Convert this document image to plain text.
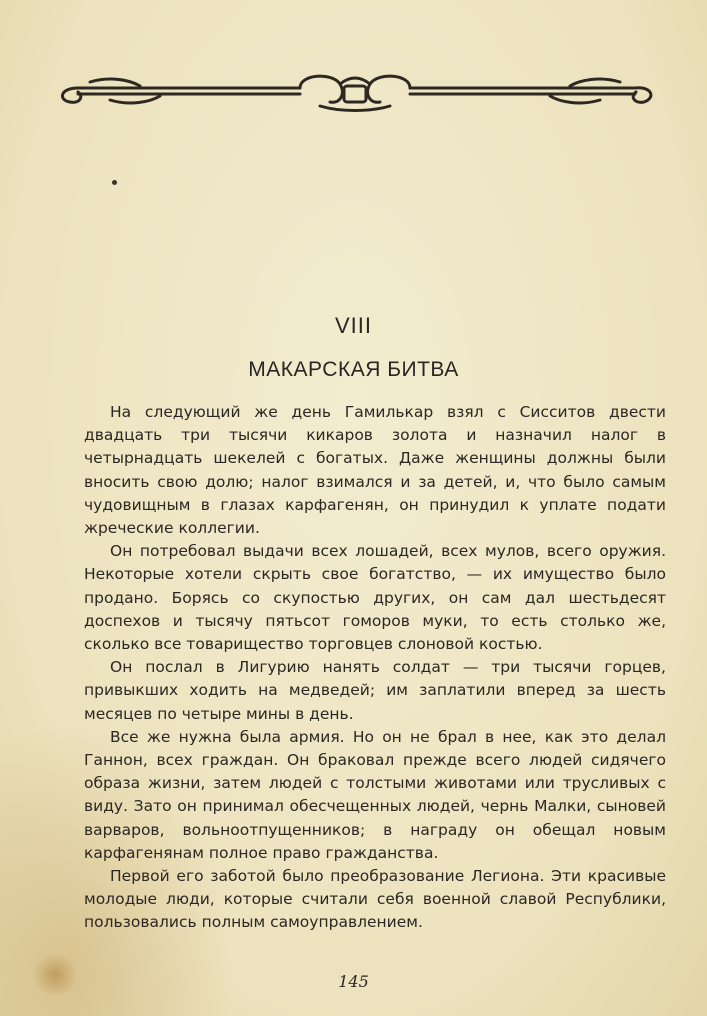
VIII
МАКАРСКАЯ БИТВА

На следующий же день Гамилькар взял с Сисситов двести двадцать три тысячи кикаров золота и назначил налог в четырнадцать шекелей с богатых. Даже женщины должны были вносить свою долю; налог взимался и за детей, и, что было самым чудовищным в глазах карфагенян, он принудил к уплате подати жреческие коллегии.

Он потребовал выдачи всех лошадей, всех мулов, всего оружия. Некоторые хотели скрыть свое богатство, — их имущество было продано. Борясь со скупостью других, он сам дал шестьдесят доспехов и тысячу пятьсот гоморов муки, то есть столько же, сколько все товарищество торговцев слоновой костью.

Он послал в Лигурию нанять солдат — три тысячи горцев, привыкших ходить на медведей; им заплатили вперед за шесть месяцев по четыре мины в день.

Все же нужна была армия. Но он не брал в нее, как это делал Ганнон, всех граждан. Он браковал прежде всего людей сидячего образа жизни, затем людей с толстыми животами или трусливых с виду. Зато он принимал обесчещенных людей, чернь Малки, сыновей варваров, вольноотпущенников; в награду он обещал новым карфагенянам полное право гражданства.

Первой его заботой было преобразование Легиона. Эти красивые молодые люди, которые считали себя военной славой Республики, пользовались полным самоуправлением.

145
